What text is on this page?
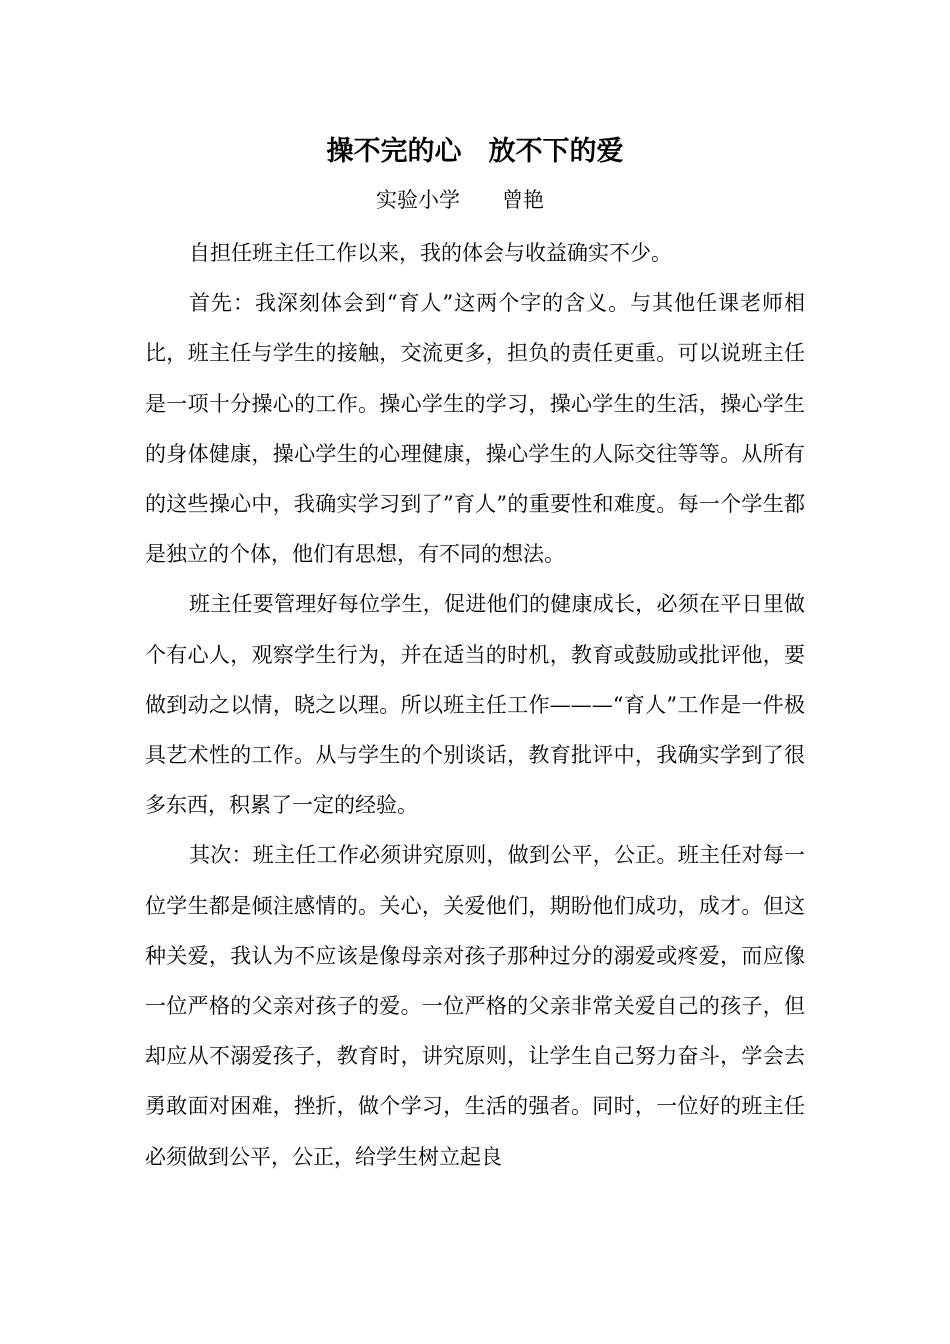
操不完的心　放不下的爱
实验小学　　曾艳

自担任班主任工作以来，我的体会与收益确实不少。

首先：我深刻体会到“育人”这两个字的含义。与其他任课老师相比，班主任与学生的接触，交流更多，担负的责任更重。可以说班主任是一项十分操心的工作。操心学生的学习，操心学生的生活，操心学生的身体健康，操心学生的心理健康，操心学生的人际交往等等。从所有的这些操心中，我确实学习到了”育人”的重要性和难度。每一个学生都是独立的个体，他们有思想，有不同的想法。

班主任要管理好每位学生，促进他们的健康成长，必须在平日里做个有心人，观察学生行为，并在适当的时机，教育或鼓励或批评他，要做到动之以情，晓之以理。所以班主任工作———“育人”工作是一件极具艺术性的工作。从与学生的个别谈话，教育批评中，我确实学到了很多东西，积累了一定的经验。

其次：班主任工作必须讲究原则，做到公平，公正。班主任对每一位学生都是倾注感情的。关心，关爱他们，期盼他们成功，成才。但这种关爱，我认为不应该是像母亲对孩子那种过分的溺爱或疼爱，而应像一位严格的父亲对孩子的爱。一位严格的父亲非常关爱自己的孩子，但却应从不溺爱孩子，教育时，讲究原则，让学生自己努力奋斗，学会去勇敢面对困难，挫折，做个学习，生活的强者。同时，一位好的班主任必须做到公平，公正，给学生树立起良
